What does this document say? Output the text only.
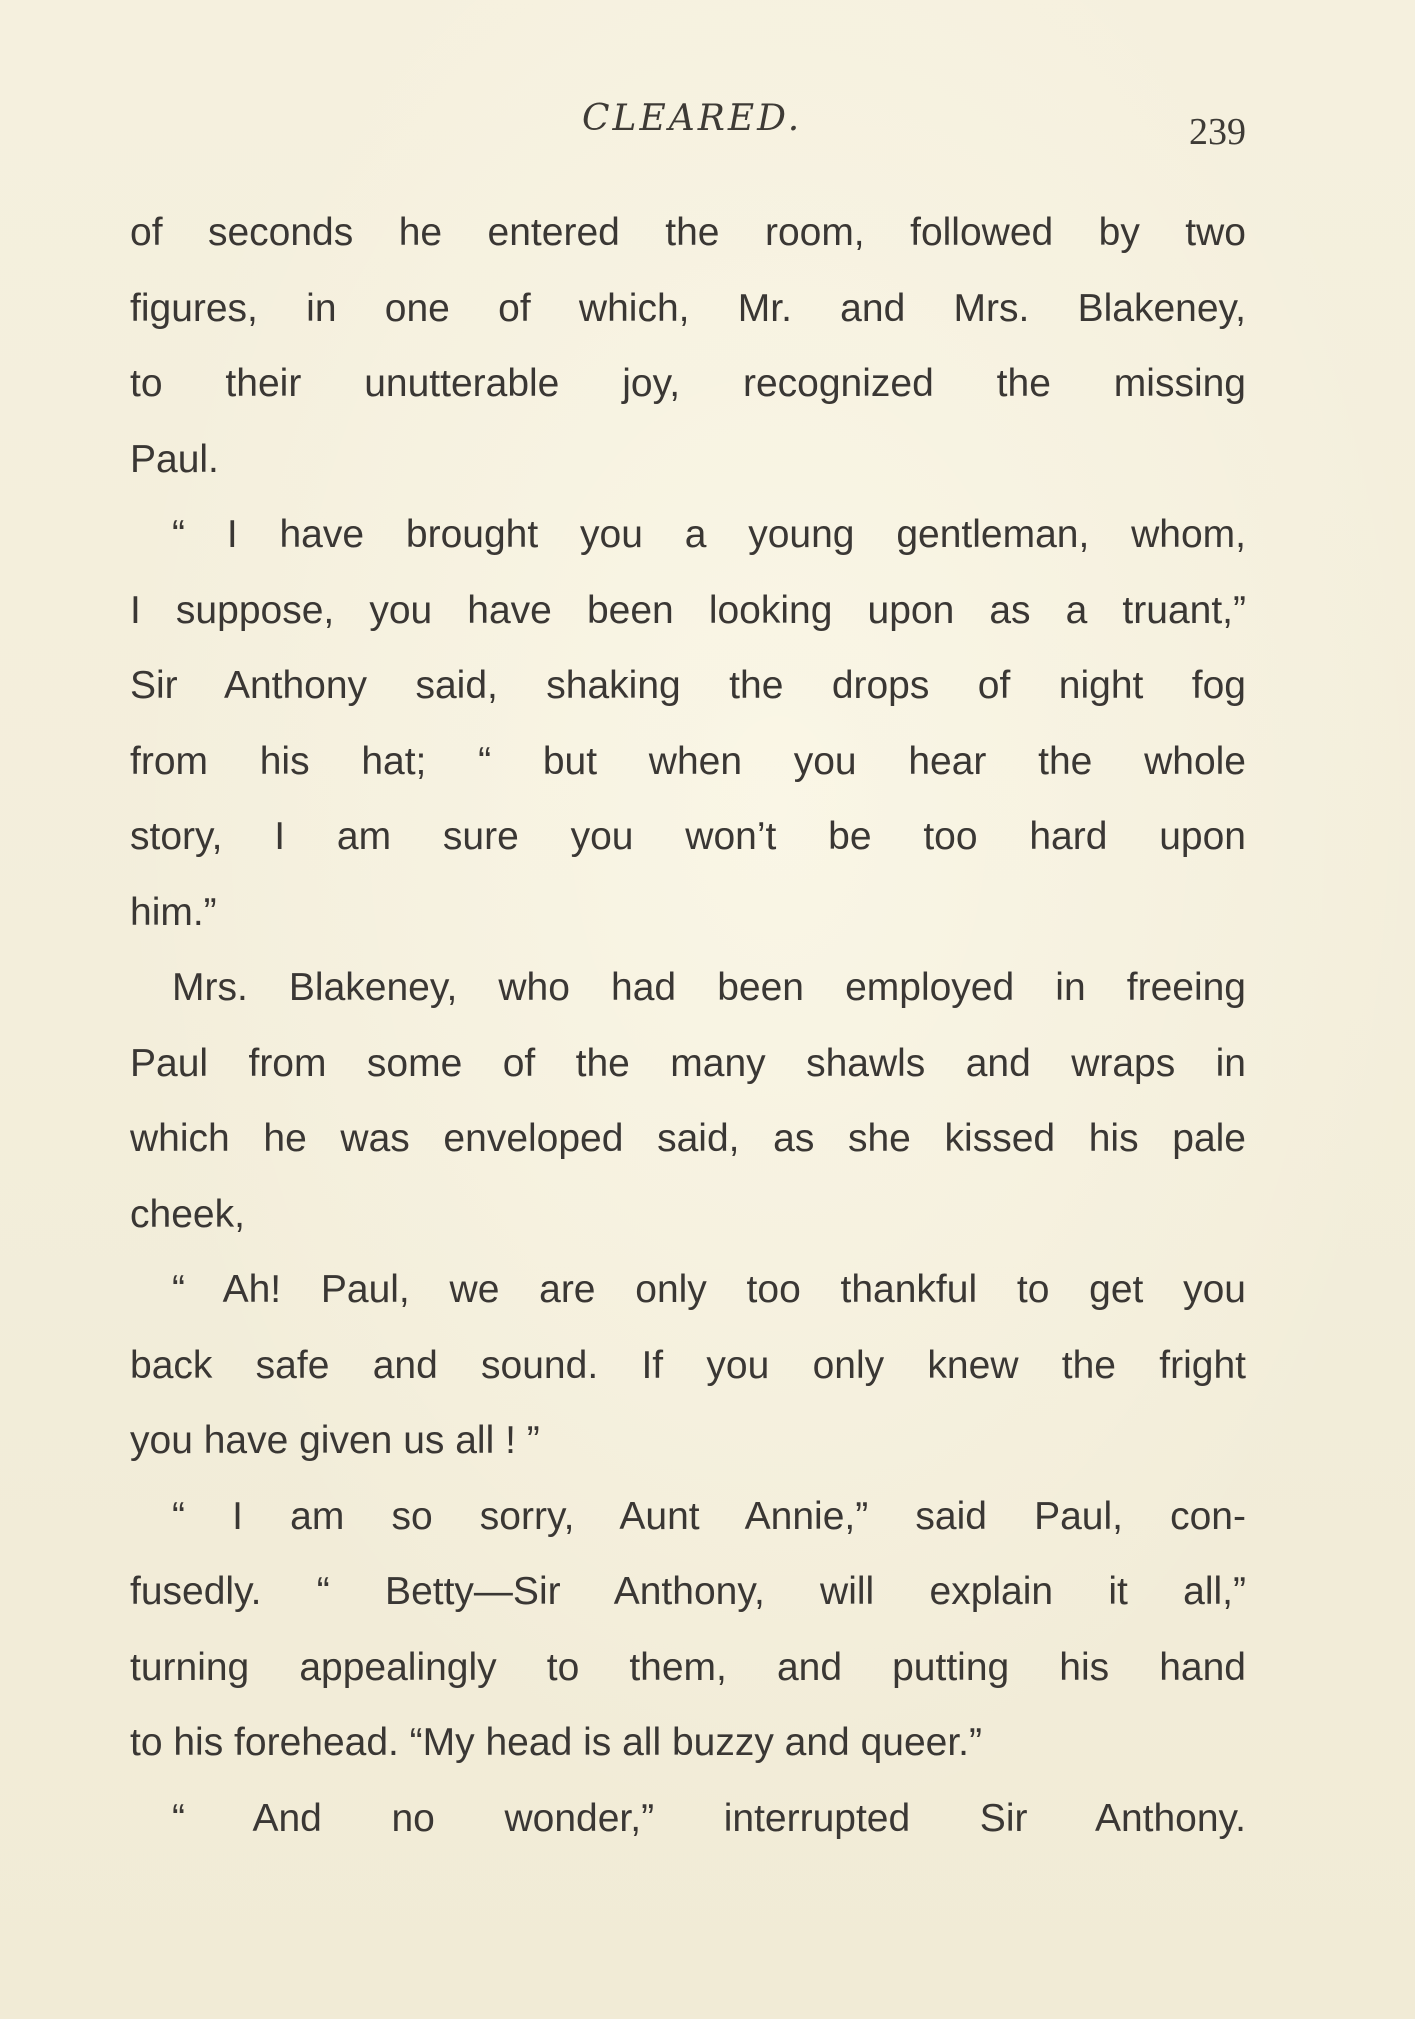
CLEARED.	239
of seconds he entered the room, followed by two
figures, in one of which, Mr. and Mrs. Blakeney,
to their unutterable joy, recognized the missing
Paul.
“ I have brought you a young gentleman, whom,
I suppose, you have been looking upon as a truant,”
Sir Anthony said, shaking the drops of night fog
from his hat; “ but when you hear the whole
story, I am sure you won’t be too hard upon
him.”
Mrs. Blakeney, who had been employed in freeing
Paul from some of the many shawls and wraps in
which he was enveloped said, as she kissed his pale
cheek,
“ Ah! Paul, we are only too thankful to get you
back safe and sound. If you only knew the fright
you have given us all ! ”
“ I am so sorry, Aunt Annie,” said Paul, con-
fusedly. “ Betty—Sir Anthony, will explain it all,”
turning appealingly to them, and putting his hand
to his forehead. “My head is all buzzy and queer.”
“ And no wonder,” interrupted Sir Anthony.
